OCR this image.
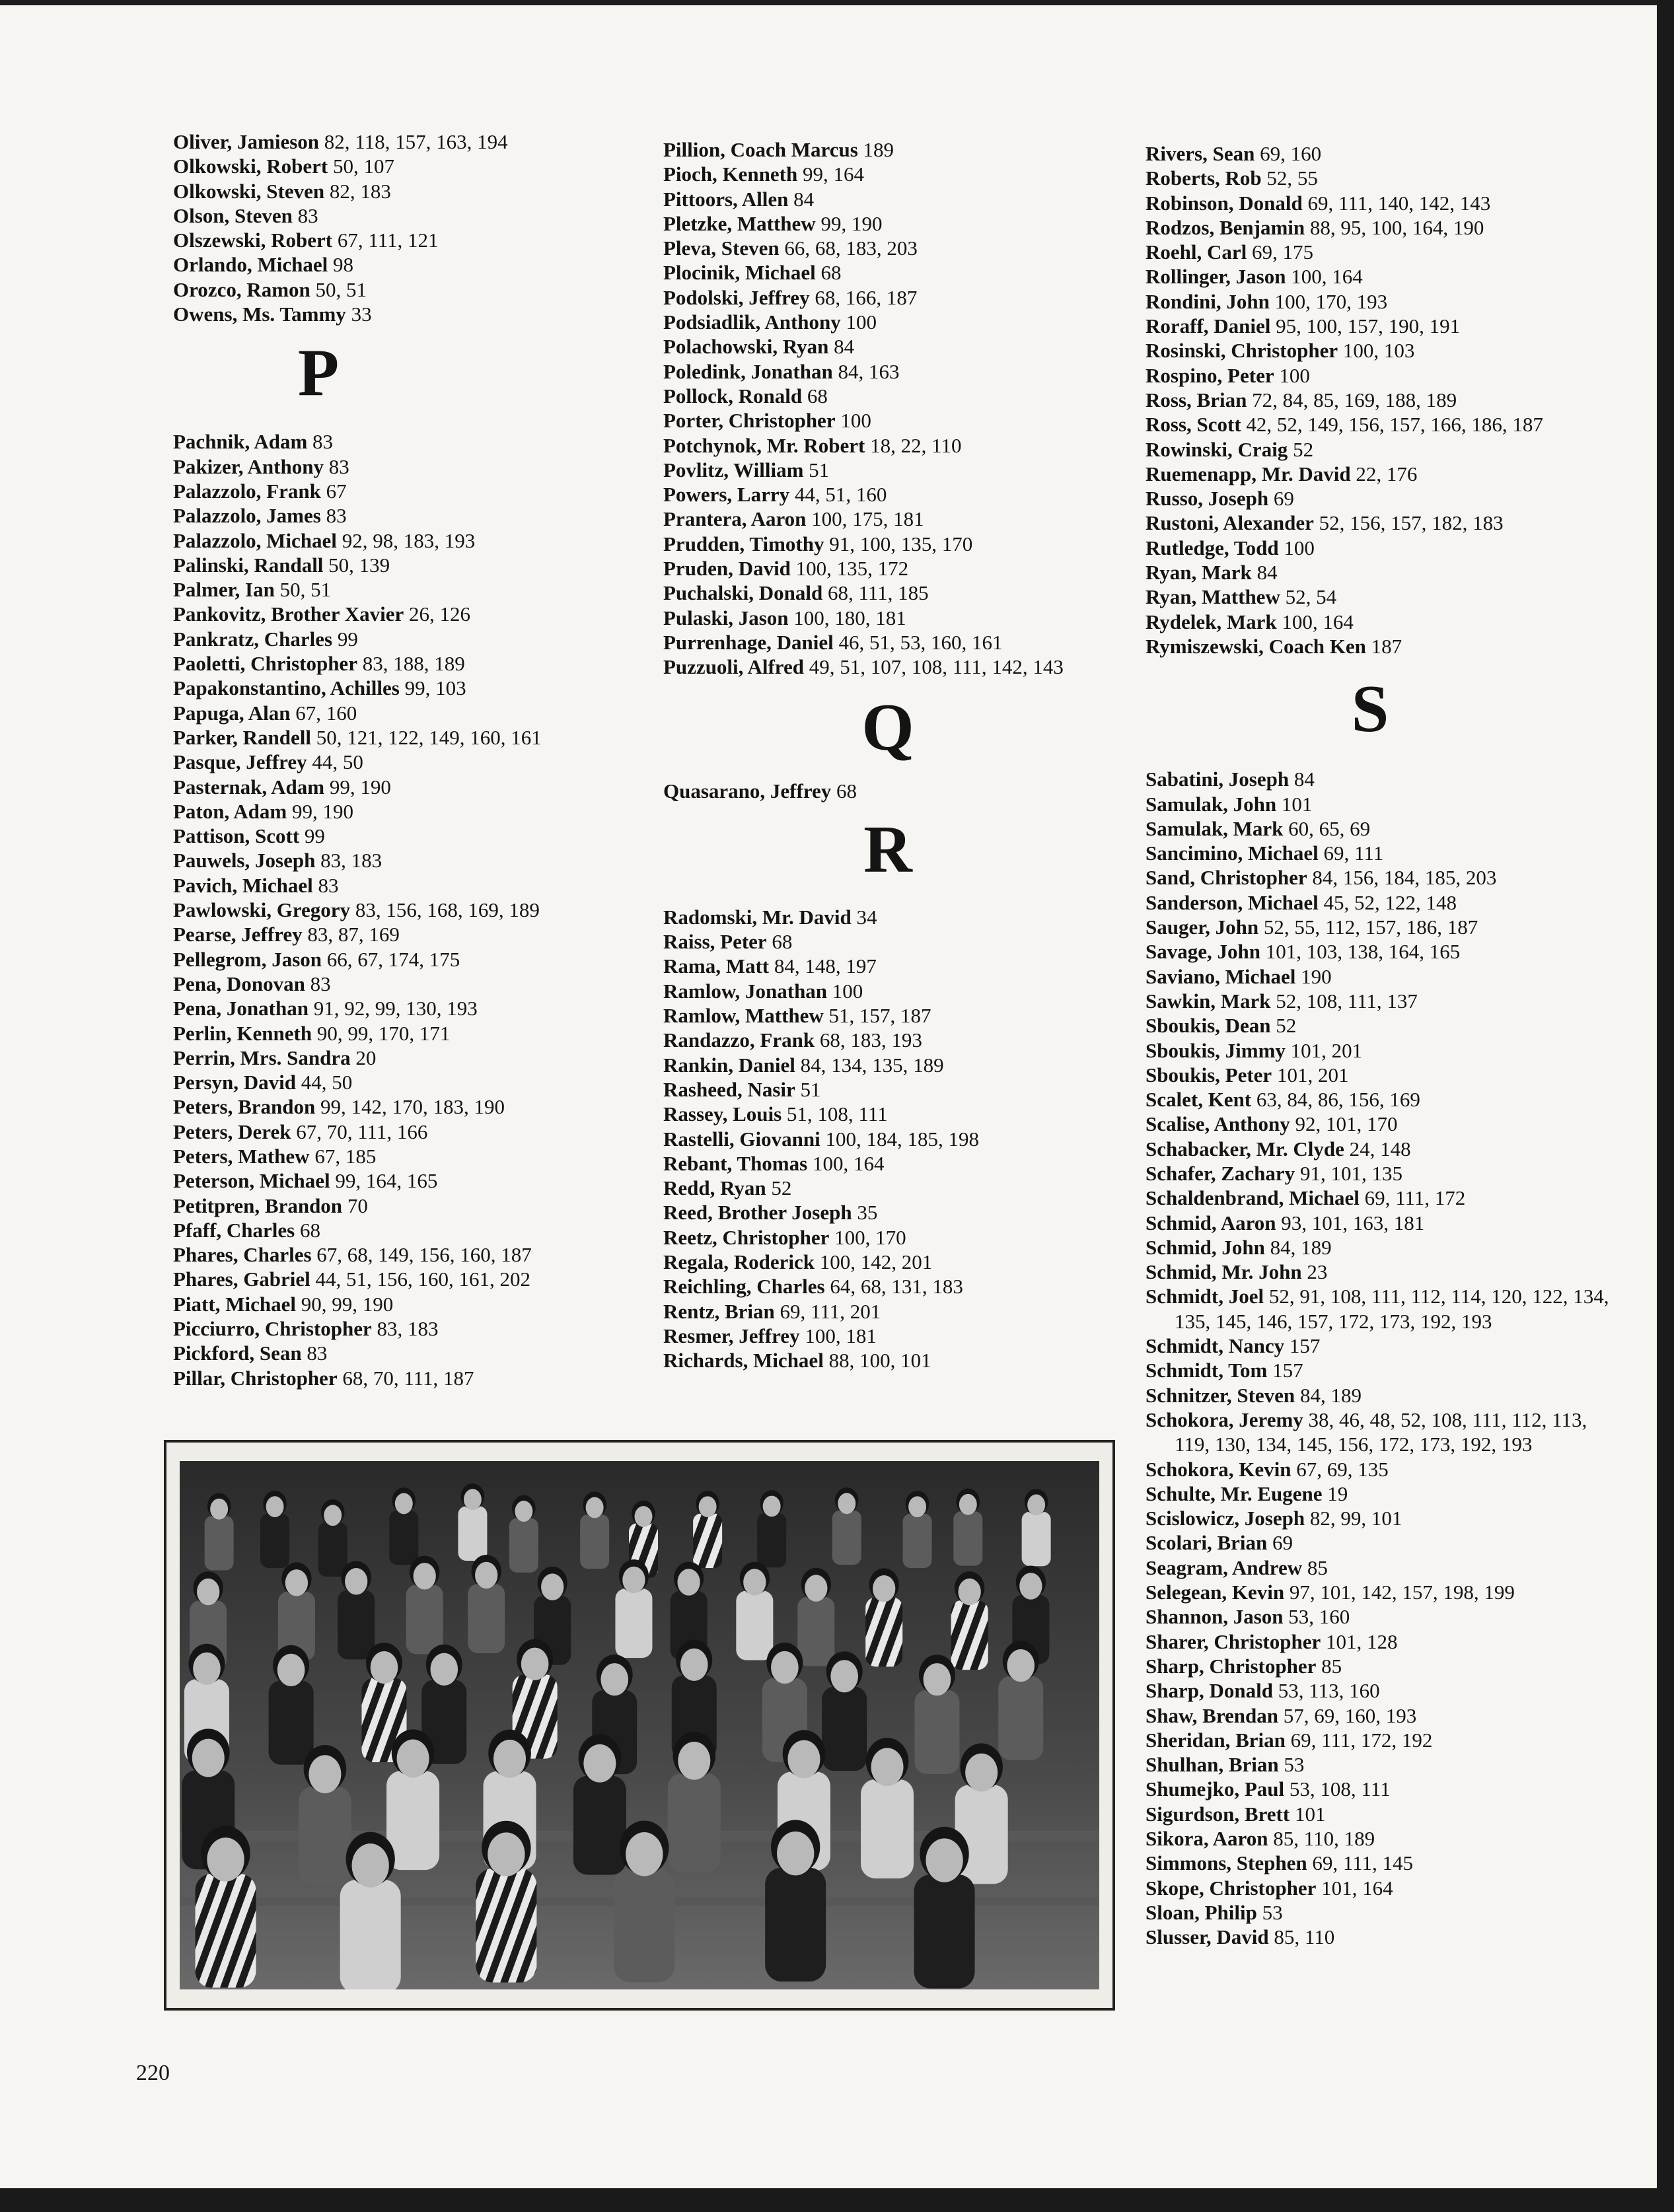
Oliver, Jamieson 82, 118, 157, 163, 194
Olkowski, Robert 50, 107
Olkowski, Steven 82, 183
Olson, Steven 83
Olszewski, Robert 67, 111, 121
Orlando, Michael 98
Orozco, Ramon 50, 51
Owens, Ms. Tammy 33
P
Pachnik, Adam 83
Pakizer, Anthony 83
Palazzolo, Frank 67
Palazzolo, James 83
Palazzolo, Michael 92, 98, 183, 193
Palinski, Randall 50, 139
Palmer, Ian 50, 51
Pankovitz, Brother Xavier 26, 126
Pankratz, Charles 99
Paoletti, Christopher 83, 188, 189
Papakonstantino, Achilles 99, 103
Papuga, Alan 67, 160
Parker, Randell 50, 121, 122, 149, 160, 161
Pasque, Jeffrey 44, 50
Pasternak, Adam 99, 190
Paton, Adam 99, 190
Pattison, Scott 99
Pauwels, Joseph 83, 183
Pavich, Michael 83
Pawlowski, Gregory 83, 156, 168, 169, 189
Pearse, Jeffrey 83, 87, 169
Pellegrom, Jason 66, 67, 174, 175
Pena, Donovan 83
Pena, Jonathan 91, 92, 99, 130, 193
Perlin, Kenneth 90, 99, 170, 171
Perrin, Mrs. Sandra 20
Persyn, David 44, 50
Peters, Brandon 99, 142, 170, 183, 190
Peters, Derek 67, 70, 111, 166
Peters, Mathew 67, 185
Peterson, Michael 99, 164, 165
Petitpren, Brandon 70
Pfaff, Charles 68
Phares, Charles 67, 68, 149, 156, 160, 187
Phares, Gabriel 44, 51, 156, 160, 161, 202
Piatt, Michael 90, 99, 190
Picciurro, Christopher 83, 183
Pickford, Sean 83
Pillar, Christopher 68, 70, 111, 187
Pillion, Coach Marcus 189
Pioch, Kenneth 99, 164
Pittoors, Allen 84
Pletzke, Matthew 99, 190
Pleva, Steven 66, 68, 183, 203
Plocinik, Michael 68
Podolski, Jeffrey 68, 166, 187
Podsiadlik, Anthony 100
Polachowski, Ryan 84
Poledink, Jonathan 84, 163
Pollock, Ronald 68
Porter, Christopher 100
Potchynok, Mr. Robert 18, 22, 110
Povlitz, William 51
Powers, Larry 44, 51, 160
Prantera, Aaron 100, 175, 181
Prudden, Timothy 91, 100, 135, 170
Pruden, David 100, 135, 172
Puchalski, Donald 68, 111, 185
Pulaski, Jason 100, 180, 181
Purrenhage, Daniel 46, 51, 53, 160, 161
Puzzuoli, Alfred 49, 51, 107, 108, 111, 142, 143
Q
Quasarano, Jeffrey 68
R
Radomski, Mr. David 34
Raiss, Peter 68
Rama, Matt 84, 148, 197
Ramlow, Jonathan 100
Ramlow, Matthew 51, 157, 187
Randazzo, Frank 68, 183, 193
Rankin, Daniel 84, 134, 135, 189
Rasheed, Nasir 51
Rassey, Louis 51, 108, 111
Rastelli, Giovanni 100, 184, 185, 198
Rebant, Thomas 100, 164
Redd, Ryan 52
Reed, Brother Joseph 35
Reetz, Christopher 100, 170
Regala, Roderick 100, 142, 201
Reichling, Charles 64, 68, 131, 183
Rentz, Brian 69, 111, 201
Resmer, Jeffrey 100, 181
Richards, Michael 88, 100, 101
Rivers, Sean 69, 160
Roberts, Rob 52, 55
Robinson, Donald 69, 111, 140, 142, 143
Rodzos, Benjamin 88, 95, 100, 164, 190
Roehl, Carl 69, 175
Rollinger, Jason 100, 164
Rondini, John 100, 170, 193
Roraff, Daniel 95, 100, 157, 190, 191
Rosinski, Christopher 100, 103
Rospino, Peter 100
Ross, Brian 72, 84, 85, 169, 188, 189
Ross, Scott 42, 52, 149, 156, 157, 166, 186, 187
Rowinski, Craig 52
Ruemenapp, Mr. David 22, 176
Russo, Joseph 69
Rustoni, Alexander 52, 156, 157, 182, 183
Rutledge, Todd 100
Ryan, Mark 84
Ryan, Matthew 52, 54
Rydelek, Mark 100, 164
Rymiszewski, Coach Ken 187
S
Sabatini, Joseph 84
Samulak, John 101
Samulak, Mark 60, 65, 69
Sancimino, Michael 69, 111
Sand, Christopher 84, 156, 184, 185, 203
Sanderson, Michael 45, 52, 122, 148
Sauger, John 52, 55, 112, 157, 186, 187
Savage, John 101, 103, 138, 164, 165
Saviano, Michael 190
Sawkin, Mark 52, 108, 111, 137
Sboukis, Dean 52
Sboukis, Jimmy 101, 201
Sboukis, Peter 101, 201
Scalet, Kent 63, 84, 86, 156, 169
Scalise, Anthony 92, 101, 170
Schabacker, Mr. Clyde 24, 148
Schafer, Zachary 91, 101, 135
Schaldenbrand, Michael 69, 111, 172
Schmid, Aaron 93, 101, 163, 181
Schmid, John 84, 189
Schmid, Mr. John 23
Schmidt, Joel 52, 91, 108, 111, 112, 114, 120, 122, 134, 135, 145, 146, 157, 172, 173, 192, 193
Schmidt, Nancy 157
Schmidt, Tom 157
Schnitzer, Steven 84, 189
Schokora, Jeremy 38, 46, 48, 52, 108, 111, 112, 113, 119, 130, 134, 145, 156, 172, 173, 192, 193
Schokora, Kevin 67, 69, 135
Schulte, Mr. Eugene 19
Scislowicz, Joseph 82, 99, 101
Scolari, Brian 69
Seagram, Andrew 85
Selegean, Kevin 97, 101, 142, 157, 198, 199
Shannon, Jason 53, 160
Sharer, Christopher 101, 128
Sharp, Christopher 85
Sharp, Donald 53, 113, 160
Shaw, Brendan 57, 69, 160, 193
Sheridan, Brian 69, 111, 172, 192
Shulhan, Brian 53
Shumejko, Paul 53, 108, 111
Sigurdson, Brett 101
Sikora, Aaron 85, 110, 189
Simmons, Stephen 69, 111, 145
Skope, Christopher 101, 164
Sloan, Philip 53
Slusser, David 85, 110
220
